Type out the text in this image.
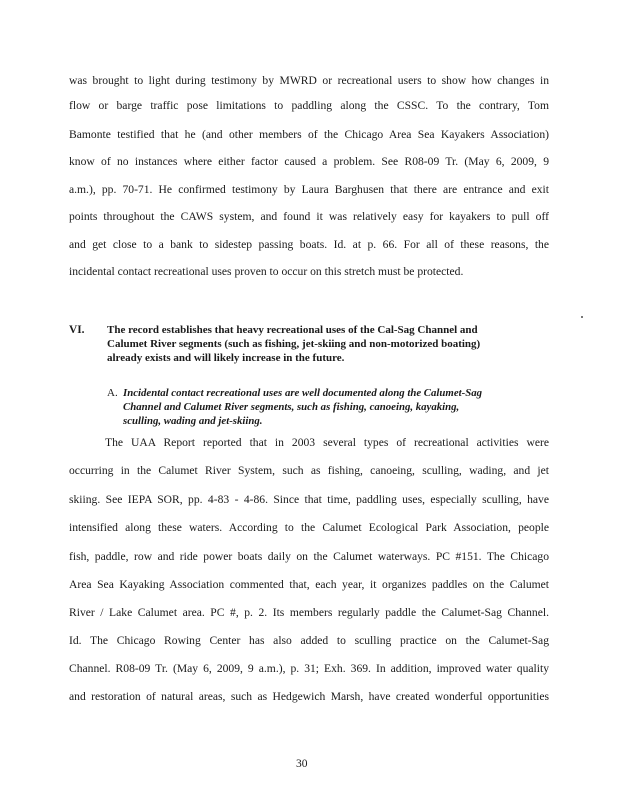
was brought to light during testimony by MWRD or recreational users to show how changes in
flow or barge traffic pose limitations to paddling along the CSSC. To the contrary, Tom
Bamonte testified that he (and other members of the Chicago Area Sea Kayakers Association)
know of no instances where either factor caused a problem. See R08-09 Tr. (May 6, 2009, 9
a.m.), pp. 70-71. He confirmed testimony by Laura Barghusen that there are entrance and exit
points throughout the CAWS system, and found it was relatively easy for kayakers to pull off
and get close to a bank to sidestep passing boats. Id. at p. 66. For all of these reasons, the
incidental contact recreational uses proven to occur on this stretch must be protected.
VI. The record establishes that heavy recreational uses of the Cal-Sag Channel and
Calumet River segments (such as fishing, jet-skiing and non-motorized boating)
already exists and will likely increase in the future.
A. Incidental contact recreational uses are well documented along the Calumet-Sag
Channel and Calumet River segments, such as fishing, canoeing, kayaking,
sculling, wading and jet-skiing.
The UAA Report reported that in 2003 several types of recreational activities were
occurring in the Calumet River System, such as fishing, canoeing, sculling, wading, and jet
skiing. See IEPA SOR, pp. 4-83 - 4-86. Since that time, paddling uses, especially sculling, have
intensified along these waters. According to the Calumet Ecological Park Association, people
fish, paddle, row and ride power boats daily on the Calumet waterways. PC #151. The Chicago
Area Sea Kayaking Association commented that, each year, it organizes paddles on the Calumet
River / Lake Calumet area. PC #, p. 2. Its members regularly paddle the Calumet-Sag Channel.
Id. The Chicago Rowing Center has also added to sculling practice on the Calumet-Sag
Channel. R08-09 Tr. (May 6, 2009, 9 a.m.), p. 31; Exh. 369. In addition, improved water quality
and restoration of natural areas, such as Hedgewich Marsh, have created wonderful opportunities
30
